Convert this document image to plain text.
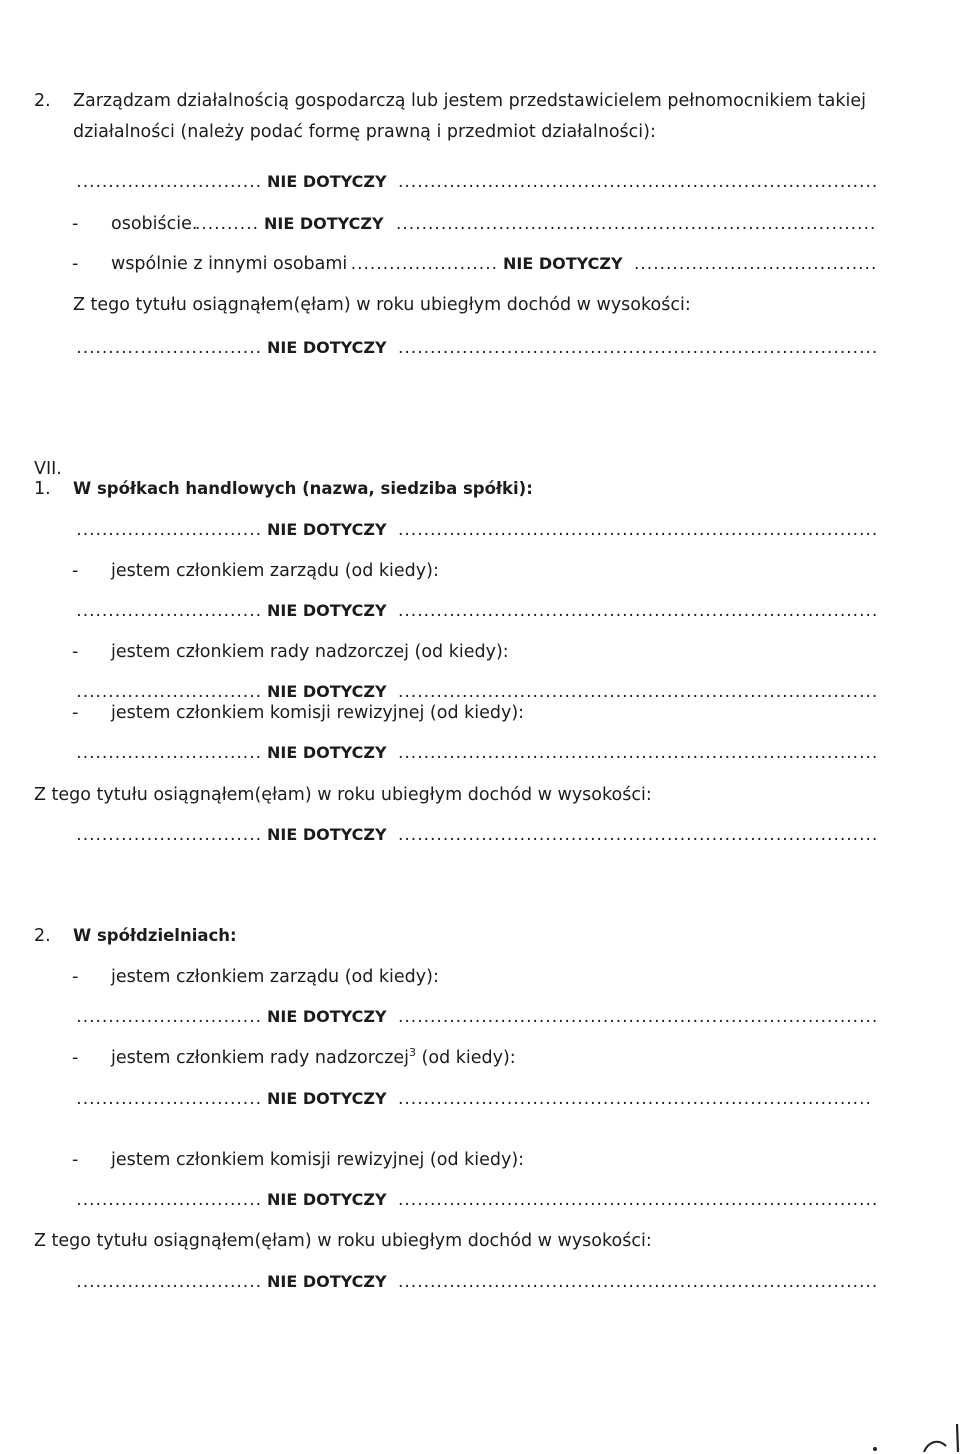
2. Zarządzam działalnością gospodarczą lub jestem przedstawicielem pełnomocnikiem takiej
działalności (należy podać formę prawną i przedmiot działalności):
.....
NIE DOTYCZY
.....
- osobiście. .....	NIE DOTYCZY
.....
- wspólnie z innymi osobami .....	NIE DOTYCZY
.....
Z tego tytułu osiągnąłem(ęłam) w roku ubiegłym dochód w wysokości:
.....
NIE DOTYCZY
.....
VII.
1. W spółkach handlowych (nazwa, siedziba spółki):
.....
NIE DOTYCZY
.....
- jestem członkiem zarządu (od kiedy):
.....
NIE DOTYCZY
.....
- jestem członkiem rady nadzorczej (od kiedy):
.....
NIE DOTYCZY
.....
- jestem członkiem komisji rewizyjnej (od kiedy):
.....
NIE DOTYCZY
.....
Z tego tytułu osiągnąłem(ęłam) w roku ubiegłym dochód w wysokości:
.....
NIE DOTYCZY
.....
2. W spółdzielniach:
- jestem członkiem zarządu (od kiedy):
.....
NIE DOTYCZY
.....
- jestem członkiem rady nadzorczej$^3$ (od kiedy):
.....
NIE DOTYCZY
.....
- jestem członkiem komisji rewizyjnej (od kiedy):
.....
NIE DOTYCZY
.....
Z tego tytułu osiągnąłem(ęłam) w roku ubiegłym dochód w wysokości:
.....
NIE DOTYCZY
.....
